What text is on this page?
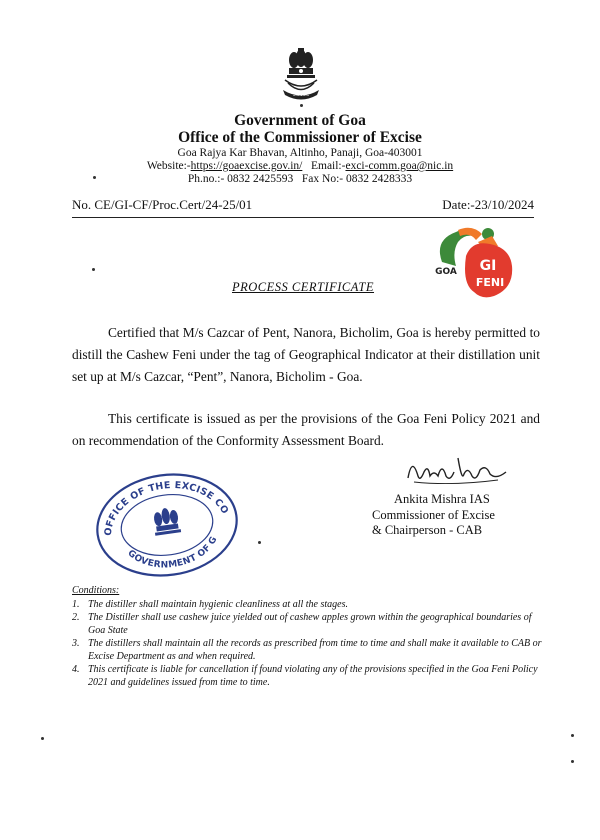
~~~~~
Government of Goa
Office of the Commissioner of Excise
Goa Rajya Kar Bhavan, Altinho, Panaji, Goa-403001
Website:-https://goaexcise.gov.in/ Email:-exci-comm.goa@nic.in
Ph.no.:- 0832 2425593 Fax No:- 0832 2428333
No. CE/GI-CF/Proc.Cert/24-25/01	Date:-23/10/2024
GI
FENI
GOA
PROCESS CERTIFICATE
Certified that M/s Cazcar of Pent, Nanora, Bicholim, Goa is hereby permitted to distill the Cashew Feni under the tag of Geographical Indicator at their distillation unit set up at M/s Cazcar, “Pent”, Nanora, Bicholim - Goa.
This certificate is issued as per the provisions of the Goa Feni Policy 2021 and on recommendation of the Conformity Assessment Board.
Ankita Mishra IAS
Commissioner of Excise
& Chairperson - CAB
OFFICE OF THE EXCISE COMMISSIONER
GOVERNMENT OF GOA
Conditions:
1. The distiller shall maintain hygienic cleanliness at all the stages.
2. The Distiller shall use cashew juice yielded out of cashew apples grown within the geographical boundaries of Goa State
3. The distillers shall maintain all the records as prescribed from time to time and shall make it available to CAB or Excise Department as and when required.
4. This certificate is liable for cancellation if found violating any of the provisions specified in the Goa Feni Policy 2021 and guidelines issued from time to time.
